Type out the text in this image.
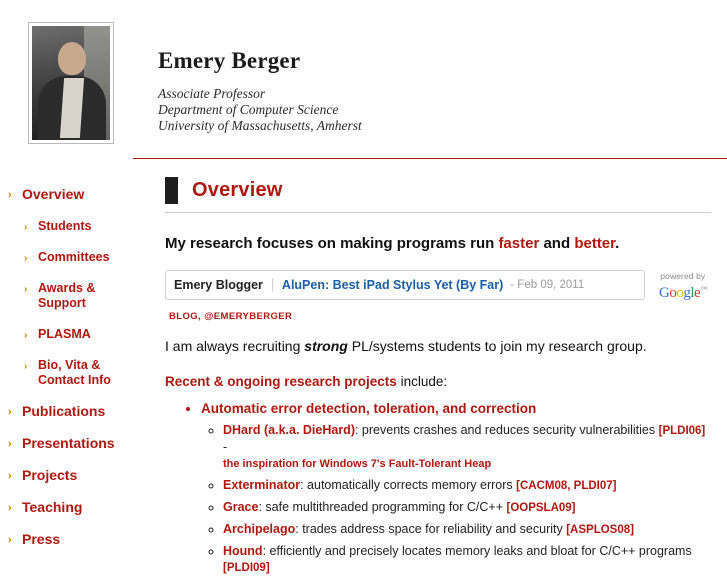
Emery Berger
Associate Professor
Department of Computer Science
University of Massachusetts, Amherst
› Overview
› Students
› Committees
› Awards & Support
› PLASMA
› Bio, Vita & Contact Info
› Publications
› Presentations
› Projects
› Teaching
› Press
Overview
My research focuses on making programs run faster and better.
Emery Blogger	AluPen: Best iPad Stylus Yet (By Far) - Feb 09, 2011
powered by
Google™
BLOG, @EMERYBERGER
I am always recruiting strong PL/systems students to join my research group.
Recent & ongoing research projects include:
• Automatic error detection, toleration, and correction
◦ DHard (a.k.a. DieHard): prevents crashes and reduces security vulnerabilities [PLDI06] -
the inspiration for Windows 7's Fault-Tolerant Heap
◦ Exterminator: automatically corrects memory errors [CACM08, PLDI07]
◦ Grace: safe multithreaded programming for C/C++ [OOPSLA09]
◦ Archipelago: trades address space for reliability and security [ASPLOS08]
◦ Hound: efficiently and precisely locates memory leaks and bloat for C/C++ programs [PLDI09]
